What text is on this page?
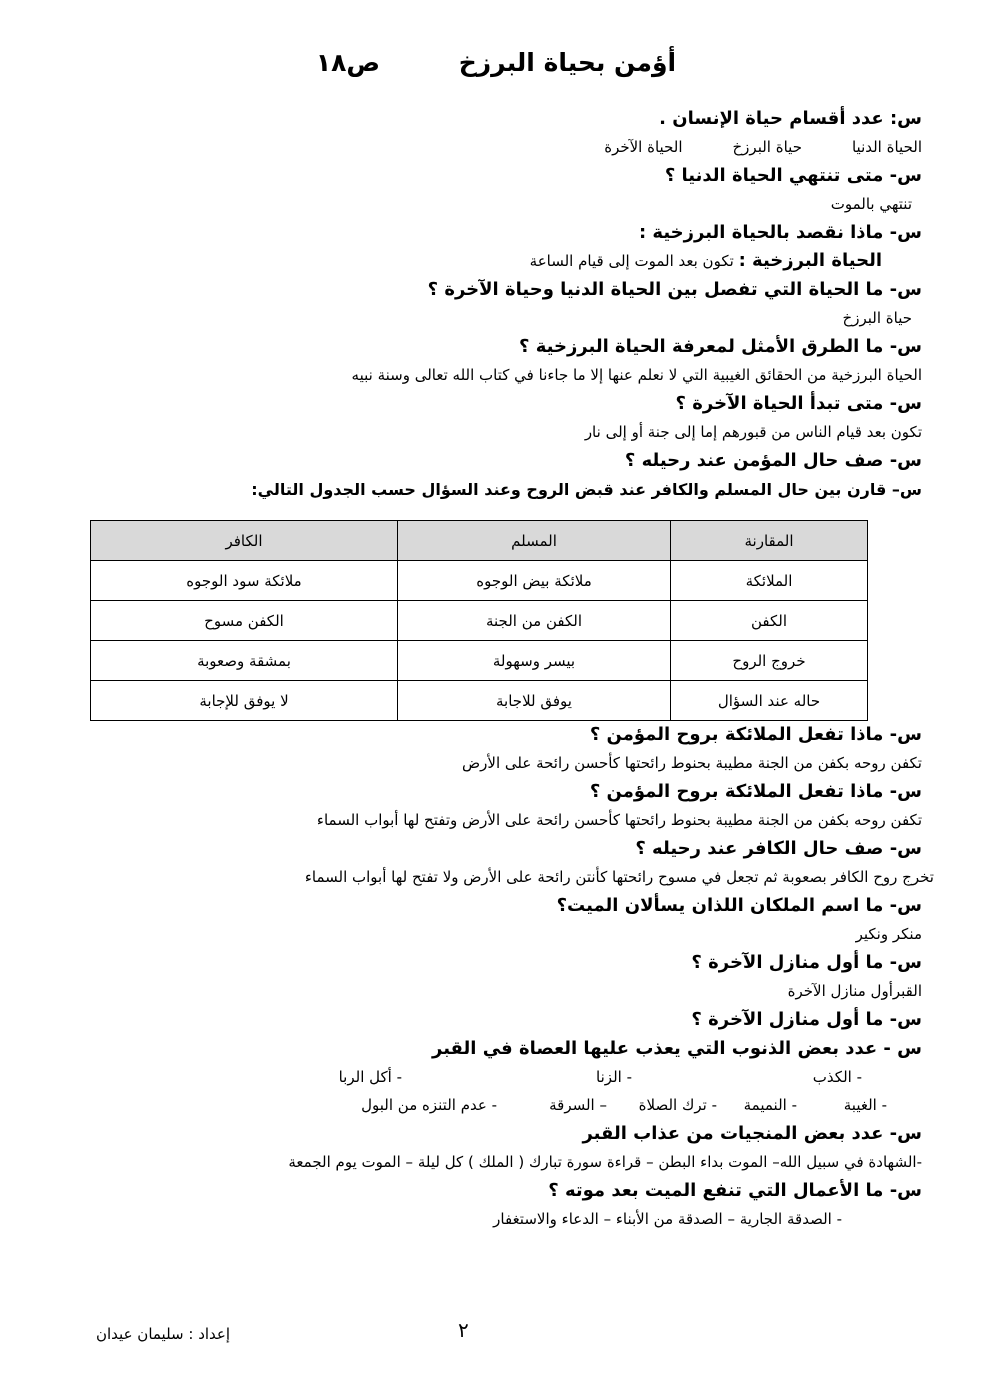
أؤمن بحياة البرزخ ص١٨
س: عدد أقسام حياة الإنسان .
الحياة الدنيا
حياة البرزخ
الحياة الآخرة
س- متى تنتهي الحياة الدنيا ؟
تنتهي بالموت
س- ماذا نقصد بالحياة البرزخية :
الحياة البرزخية : تكون بعد الموت إلى قيام الساعة
س- ما الحياة التي تفصل بين الحياة الدنيا وحياة الآخرة ؟
حياة البرزخ
س- ما الطرق الأمثل لمعرفة الحياة البرزخية ؟
الحياة البرزخية من الحقائق الغيبية التي لا نعلم عنها إلا ما جاءنا في كتاب الله تعالى وسنة نبيه
س- متى تبدأ الحياة الآخرة ؟
تكون بعد قيام الناس من قبورهم إما إلى جنة أو إلى نار
س- صف حال المؤمن عند رحيله ؟
س– قارن بين حال المسلم والكافر عند قبض الروح وعند السؤال حسب الجدول التالي:
المقارنة	المسلم	الكافر
الملائكة	ملائكة بيض الوجوه	ملائكة سود الوجوه
الكفن	الكفن من الجنة	الكفن مسوح
خروج الروح	بيسر وسهولة	بمشقة وصعوبة
حاله عند السؤال	يوفق للاجابة	لا يوفق للإجابة
س- ماذا تفعل الملائكة بروح المؤمن ؟
تكفن روحه بكفن من الجنة مطيبة بحنوط رائحتها كأحسن رائحة على الأرض
س- ماذا تفعل الملائكة بروح المؤمن ؟
تكفن روحه بكفن من الجنة مطيبة بحنوط رائحتها كأحسن رائحة على الأرض وتفتح لها أبواب السماء
س- صف حال الكافر عند رحيله ؟
تخرج روح الكافر بصعوبة ثم تجعل في مسوح رائحتها كأنتن رائحة على الأرض ولا تفتح لها أبواب السماء
س- ما اسم الملكان اللذان يسألان الميت؟
منكر ونكير
س- ما أول منازل الآخرة ؟
القبرأول منازل الآخرة
س- ما أول منازل الآخرة ؟
س - عدد بعض الذنوب التي يعذب عليها العصاة في القبر
- الكذب
- الزنا
- أكل الربا
- الغيبة
- النميمة
- ترك الصلاة
– السرقة
- عدم التنزه من البول
س- عدد بعض المنجيات من عذاب القبر
-الشهادة في سبيل الله– الموت بداء البطن – قراءة سورة تبارك ( الملك ) كل ليلة – الموت يوم الجمعة
س- ما الأعمال التي تنفع الميت بعد موته ؟
- الصدقة الجارية – الصدقة من الأبناء – الدعاء والاستغفار
٢
إعداد : سليمان عيدان
